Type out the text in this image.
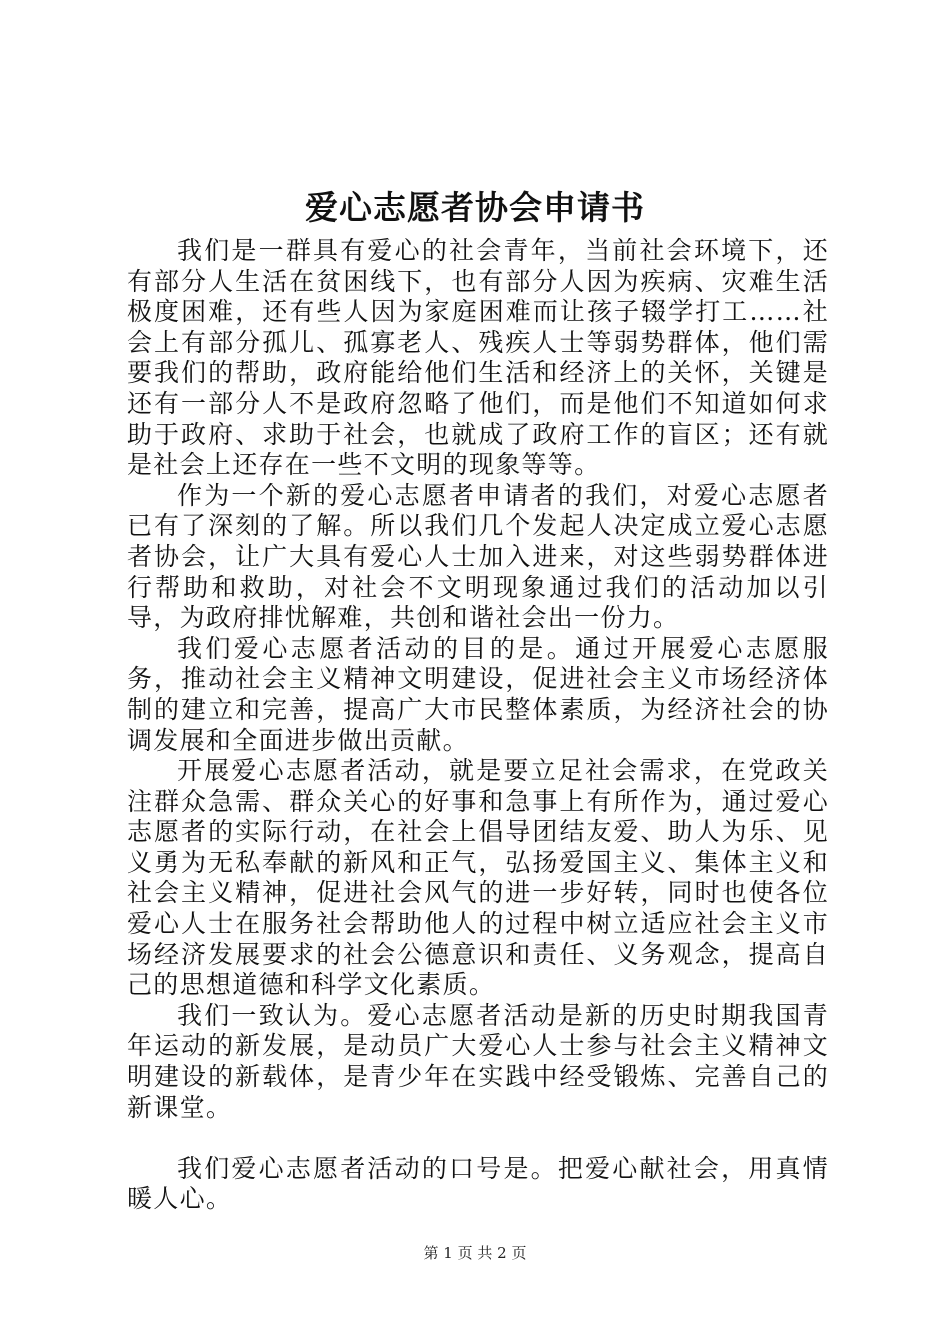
爱心志愿者协会申请书

我们是一群具有爱心的社会青年，当前社会环境下，还有部分人生活在贫困线下，也有部分人因为疾病、灾难生活极度困难，还有些人因为家庭困难而让孩子辍学打工……社会上有部分孤儿、孤寡老人、残疾人士等弱势群体，他们需要我们的帮助，政府能给他们生活和经济上的关怀，关键是还有一部分人不是政府忽略了他们，而是他们不知道如何求助于政府、求助于社会，也就成了政府工作的盲区；还有就是社会上还存在一些不文明的现象等等。

作为一个新的爱心志愿者申请者的我们，对爱心志愿者已有了深刻的了解。所以我们几个发起人决定成立爱心志愿者协会，让广大具有爱心人士加入进来，对这些弱势群体进行帮助和救助，对社会不文明现象通过我们的活动加以引导，为政府排忧解难，共创和谐社会出一份力。

我们爱心志愿者活动的目的是。通过开展爱心志愿服务，推动社会主义精神文明建设，促进社会主义市场经济体制的建立和完善，提高广大市民整体素质，为经济社会的协调发展和全面进步做出贡献。

开展爱心志愿者活动，就是要立足社会需求，在党政关注群众急需、群众关心的好事和急事上有所作为，通过爱心志愿者的实际行动，在社会上倡导团结友爱、助人为乐、见义勇为无私奉献的新风和正气，弘扬爱国主义、集体主义和社会主义精神，促进社会风气的进一步好转，同时也使各位爱心人士在服务社会帮助他人的过程中树立适应社会主义市场经济发展要求的社会公德意识和责任、义务观念，提高自己的思想道德和科学文化素质。

我们一致认为。爱心志愿者活动是新的历史时期我国青年运动的新发展，是动员广大爱心人士参与社会主义精神文明建设的新载体，是青少年在实践中经受锻炼、完善自己的新课堂。

我们爱心志愿者活动的口号是。把爱心献社会，用真情暖人心。

第 1 页 共 2 页
